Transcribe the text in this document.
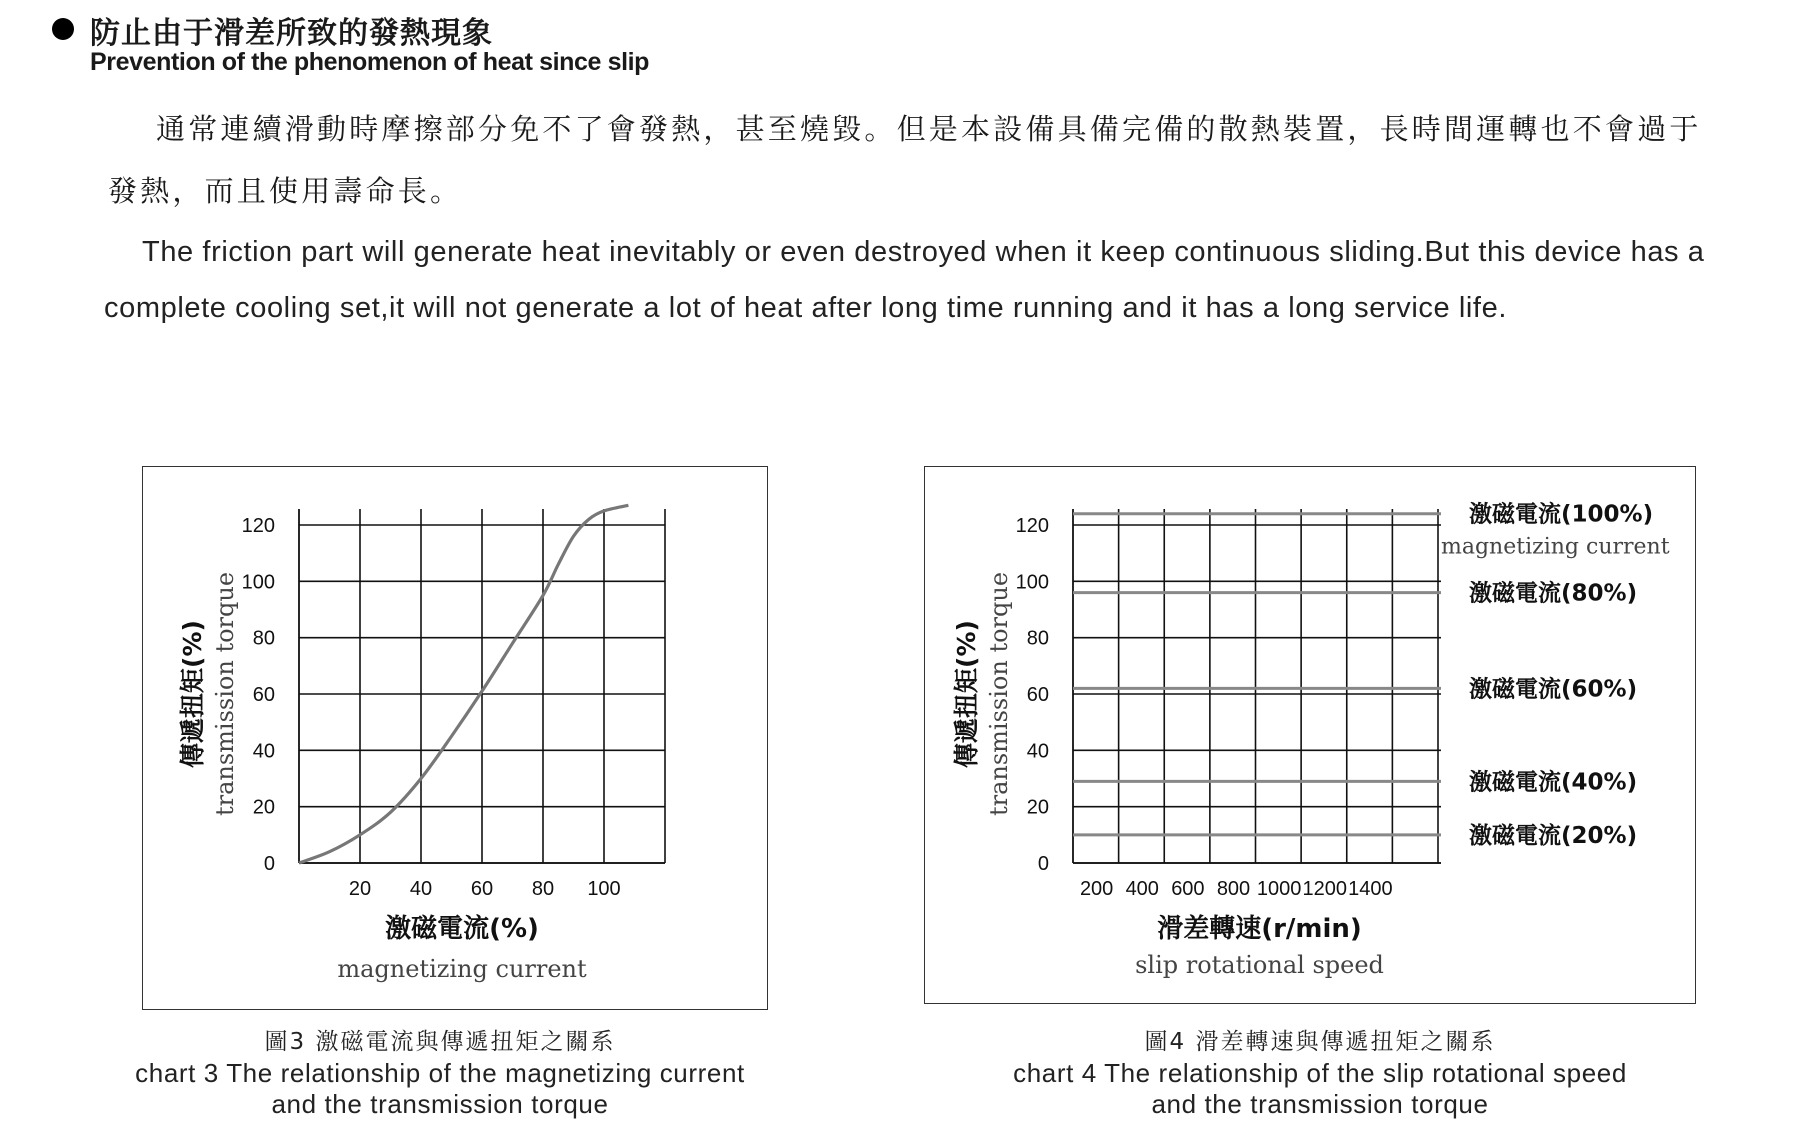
防止由于滑差所致的發熱現象
Prevention of the phenomenon of heat since slip

通常連續滑動時摩擦部分免不了會發熱，甚至燒毀。但是本設備具備完備的散熱裝置，長時間運轉也不會過于發熱，而且使用壽命長。

The friction part will generate heat inevitably or even destroyed when it keep continuous sliding.But this device has a complete cooling set,it will not generate a lot of heat after long time running and it has a long service life.

0
20
40
60
80
100
120
傳遞扭矩(%) transmission torque
20 40 60 80 100
激磁電流(%)
magnetizing current
0
20
40
60
80
100
120
傳遞扭矩(%) transmission torque
200 400 600 800 1000 1200 1400
滑差轉速(r/min)
slip rotational speed
激磁電流(100%)
magnetizing current
激磁電流(80%)
激磁電流(60%)
激磁電流(40%)
激磁電流(20%)
圖3 激磁電流與傳遞扭矩之關系
chart 3 The relationship of the magnetizing current and the transmission torque
圖4 滑差轉速與傳遞扭矩之關系
chart 4 The relationship of the slip rotational speed and the transmission torque
